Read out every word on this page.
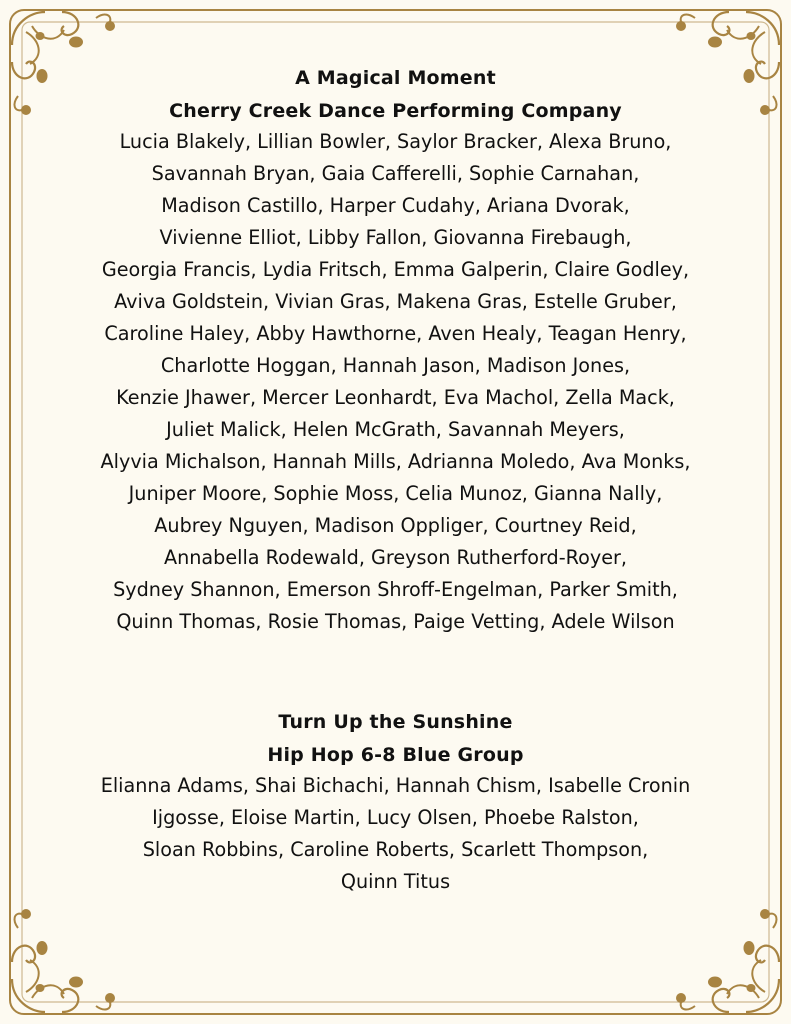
A Magical Moment
Cherry Creek Dance Performing Company

Lucia Blakely, Lillian Bowler, Saylor Bracker, Alexa Bruno,
Savannah Bryan, Gaia Cafferelli, Sophie Carnahan,
Madison Castillo, Harper Cudahy, Ariana Dvorak,
Vivienne Elliot, Libby Fallon, Giovanna Firebaugh,
Georgia Francis, Lydia Fritsch, Emma Galperin, Claire Godley,
Aviva Goldstein, Vivian Gras, Makena Gras, Estelle Gruber,
Caroline Haley, Abby Hawthorne, Aven Healy, Teagan Henry,
Charlotte Hoggan, Hannah Jason, Madison Jones,
Kenzie Jhawer, Mercer Leonhardt, Eva Machol, Zella Mack,
Juliet Malick, Helen McGrath, Savannah Meyers,
Alyvia Michalson, Hannah Mills, Adrianna Moledo, Ava Monks,
Juniper Moore, Sophie Moss, Celia Munoz, Gianna Nally,
Aubrey Nguyen, Madison Oppliger, Courtney Reid,
Annabella Rodewald, Greyson Rutherford-Royer,
Sydney Shannon, Emerson Shroff-Engelman, Parker Smith,
Quinn Thomas, Rosie Thomas, Paige Vetting, Adele Wilson

Turn Up the Sunshine
Hip Hop 6-8 Blue Group

Elianna Adams, Shai Bichachi, Hannah Chism, Isabelle Cronin
Ijgosse, Eloise Martin, Lucy Olsen, Phoebe Ralston,
Sloan Robbins, Caroline Roberts, Scarlett Thompson,
Quinn Titus
